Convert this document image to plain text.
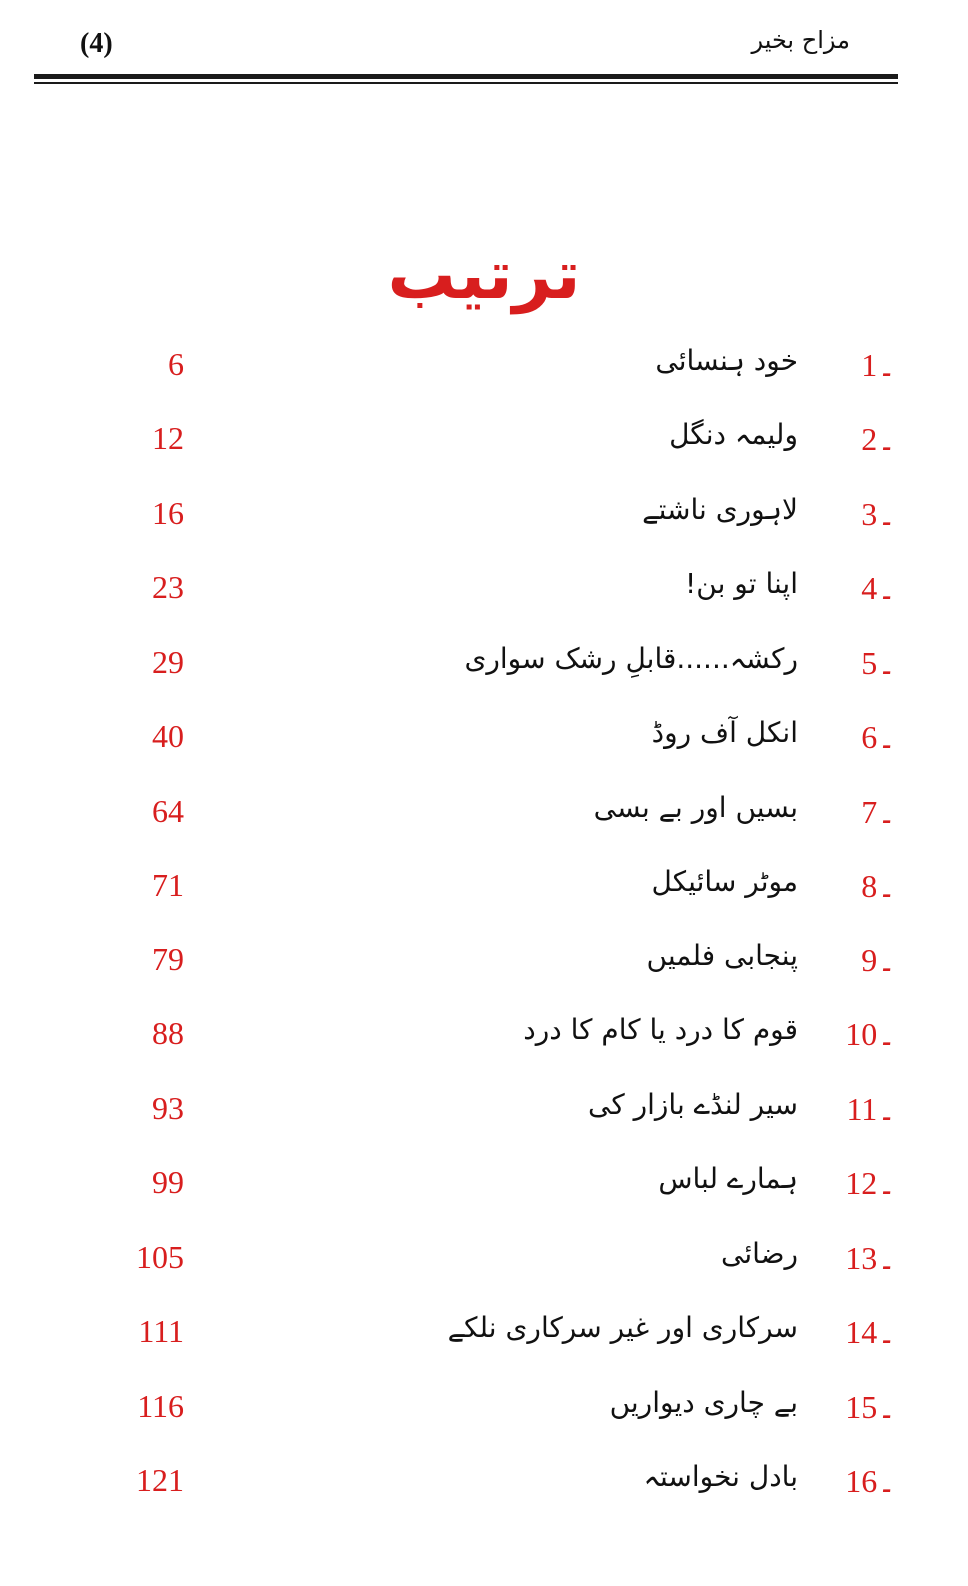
(4)	مزاح بخیر
ترتیب
1۔
خود ہنسائی
6
2۔
ولیمہ دنگل
12
3۔
لاہوری ناشتے
16
4۔
اپنا تو بن!
23
5۔
رکشہ......قابلِ رشک سواری
29
6۔
انکل آف روڈ
40
7۔
بسیں اور بے بسی
64
8۔
موٹر سائیکل
71
9۔
پنجابی فلمیں
79
10۔
قوم کا درد یا کام کا درد
88
11۔
سیر لنڈے بازار کی
93
12۔
ہمارے لباس
99
13۔
رضائی
105
14۔
سرکاری اور غیر سرکاری نلکے
111
15۔
بے چاری دیواریں
116
16۔
بادل نخواستہ
121
